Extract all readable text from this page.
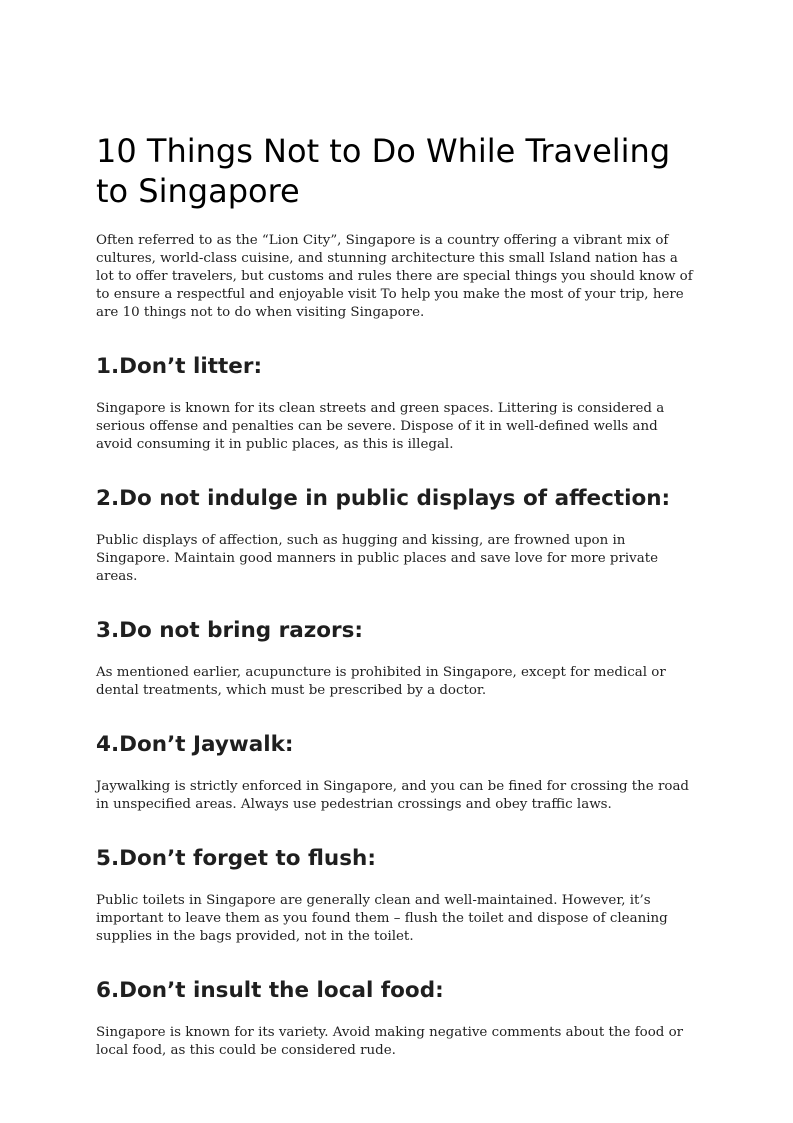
10 Things Not to Do While Traveling to Singapore

Often referred to as the “Lion City”, Singapore is a country offering a vibrant mix of cultures, world-class cuisine, and stunning architecture this small Island nation has a lot to offer travelers, but customs and rules there are special things you should know of to ensure a respectful and enjoyable visit To help you make the most of your trip, here are 10 things not to do when visiting Singapore.

1. Don’t litter:

Singapore is known for its clean streets and green spaces. Littering is considered a serious offense and penalties can be severe. Dispose of it in well-defined wells and avoid consuming it in public places, as this is illegal.

2. Do not indulge in public displays of affection:

Public displays of affection, such as hugging and kissing, are frowned upon in Singapore. Maintain good manners in public places and save love for more private areas.

3. Do not bring razors:

As mentioned earlier, acupuncture is prohibited in Singapore, except for medical or dental treatments, which must be prescribed by a doctor.

4. Don’t Jaywalk:

Jaywalking is strictly enforced in Singapore, and you can be fined for crossing the road in unspecified areas. Always use pedestrian crossings and obey traffic laws.

5. Don’t forget to flush:

Public toilets in Singapore are generally clean and well-maintained. However, it’s important to leave them as you found them – flush the toilet and dispose of cleaning supplies in the bags provided, not in the toilet.

6. Don’t insult the local food:

Singapore is known for its variety. Avoid making negative comments about the food or local food, as this could be considered rude.
